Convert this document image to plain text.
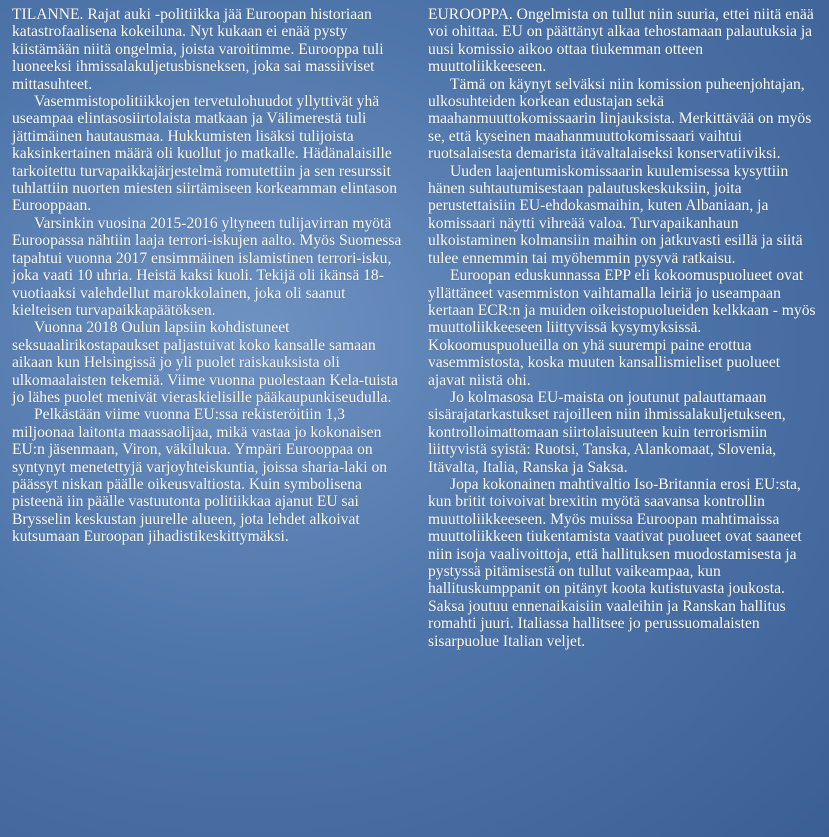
TILANNE. Rajat auki -politiikka jää Euroopan historiaan katastrofaalisena kokeiluna. Nyt kukaan ei enää pysty kiistämään niitä ongelmia, joista varoitimme. Eurooppa tuli luoneeksi ihmissalakuljetusbisneksen, joka sai massiiviset mittasuhteet.

Vasemmistopolitiikkojen tervetulohuudot yllyttivät yhä useampaa elintasosiirtolaista matkaan ja Välimerestä tuli jättimäinen hautausmaa. Hukkumisten lisäksi tulijoista kaksinkertainen määrä oli kuollut jo matkalle. Hädänalaisille tarkoitettu turvapaikkajärjestelmä romutettiin ja sen resurssit tuhlattiin nuorten miesten siirtämiseen korkeamman elintason Eurooppaan.

Varsinkin vuosina 2015-2016 yltyneen tulijavirran myötä Euroopassa nähtiin laaja terrori-iskujen aalto. Myös Suomessa tapahtui vuonna 2017 ensimmäinen islamistinen terrori-isku, joka vaati 10 uhria. Heistä kaksi kuoli. Tekijä oli ikänsä 18-vuotiaaksi valehdellut marokkolainen, joka oli saanut kielteisen turvapaikkapäätöksen.

Vuonna 2018 Oulun lapsiin kohdistuneet seksuaalirikostapaukset paljastuivat koko kansalle samaan aikaan kun Helsingissä jo yli puolet raiskauksista oli ulkomaalaisten tekemiä. Viime vuonna puolestaan Kela-tuista jo lähes puolet menivät vieraskielisille pääkaupunkiseudulla.

Pelkästään viime vuonna EU:ssa rekisteröitiin 1,3 miljoonaa laitonta maassaolijaa, mikä vastaa jo kokonaisen EU:n jäsenmaan, Viron, väkilukua. Ympäri Eurooppaa on syntynyt menetettyjä varjoyhteiskuntia, joissa sharia-laki on päässyt niskan päälle oikeusvaltiosta. Kuin symbolisena pisteenä iin päälle vastuutonta politiikkaa ajanut EU sai Brysselin keskustan juurelle alueen, jota lehdet alkoivat kutsumaan Euroopan jihadistikeskittymäksi.

EUROOPPA. Ongelmista on tullut niin suuria, ettei niitä enää voi ohittaa. EU on päättänyt alkaa tehostamaan palautuksia ja uusi komissio aikoo ottaa tiukemman otteen muuttoliikkeeseen.

Tämä on käynyt selväksi niin komission puheenjohtajan, ulkosuhteiden korkean edustajan sekä maahanmuuttokomissaarin linjauksista. Merkittävää on myös se, että kyseinen maahanmuuttokomissaari vaihtui ruotsalaisesta demarista itävaltalaiseksi konservatiiviksi.

Uuden laajentumiskomissaarin kuulemisessa kysyttiin hänen suhtautumisestaan palautuskeskuksiin, joita perustettaisiin EU-ehdokasmaihin, kuten Albaniaan, ja komissaari näytti vihreää valoa. Turvapaikanhaun ulkoistaminen kolmansiin maihin on jatkuvasti esillä ja siitä tulee ennemmin tai myöhemmin pysyvä ratkaisu.

Euroopan eduskunnassa EPP eli kokoomuspuolueet ovat yllättäneet vasemmiston vaihtamalla leiriä jo useampaan kertaan ECR:n ja muiden oikeistopuolueiden kelkkaan - myös muuttoliikkeeseen liittyvissä kysymyksissä. Kokoomuspuolueilla on yhä suurempi paine erottua vasemmistosta, koska muuten kansallismieliset puolueet ajavat niistä ohi.

Jo kolmasosa EU-maista on joutunut palauttamaan sisärajatarkastukset rajoilleen niin ihmissalakuljetukseen, kontrolloimattomaan siirtolaisuuteen kuin terrorismiin liittyvistä syistä: Ruotsi, Tanska, Alankomaat, Slovenia, Itävalta, Italia, Ranska ja Saksa.

Jopa kokonainen mahtivaltio Iso-Britannia erosi EU:sta, kun britit toivoivat brexitin myötä saavansa kontrollin muuttoliikkeeseen. Myös muissa Euroopan mahtimaissa muuttoliikkeen tiukentamista vaativat puolueet ovat saaneet niin isoja vaalivoittoja, että hallituksen muodostamisesta ja pystyssä pitämisestä on tullut vaikeampaa, kun hallituskumppanit on pitänyt koota kutistuvasta joukosta. Saksa joutuu ennenaikaisiin vaaleihin ja Ranskan hallitus romahti juuri. Italiassa hallitsee jo perussuomalaisten sisarpuolue Italian veljet.
